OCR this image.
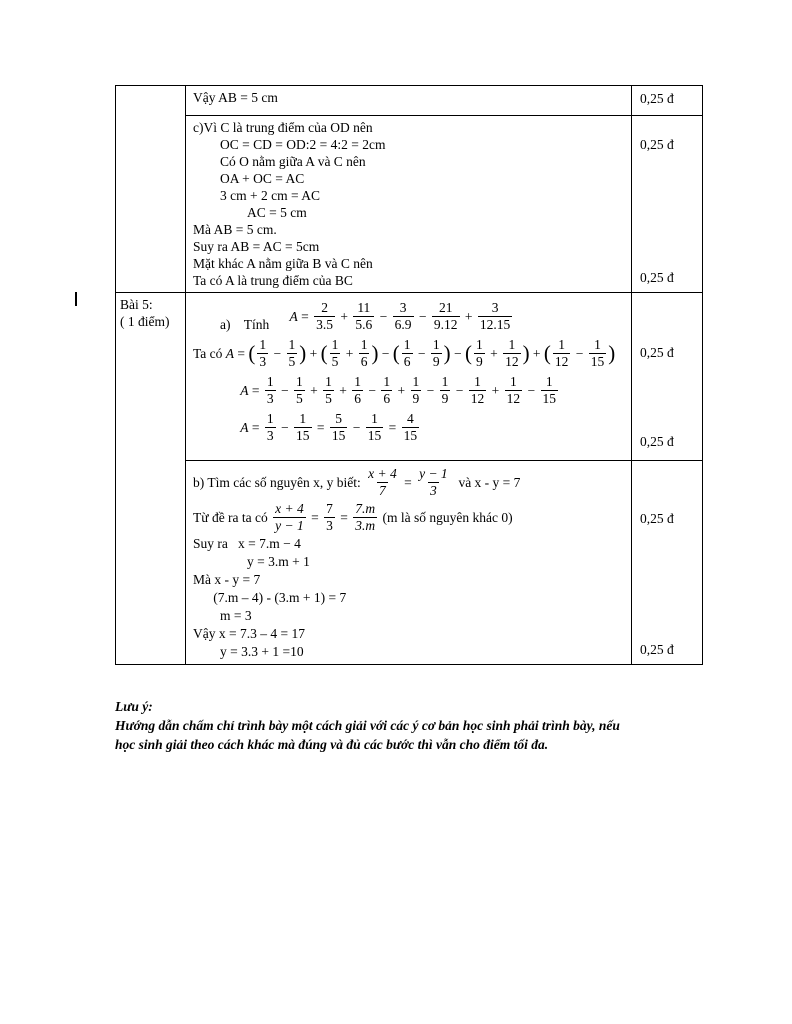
Vậy AB = 5 cm	0,25 đ
c)Vì C là trung điểm của OD nên
OC = CD = OD:2 = 4:2 = 2cm
Có O nằm giữa A và C nên
OA + OC = AC
3 cm + 2 cm = AC
AC = 5 cm
Mà AB = 5 cm.
Suy ra AB = AC = 5cm
Mặt khác A nằm giữa B và C nên
Ta có A là trung điểm của BC
0,25 đ
0,25 đ
Bài 5:
( 1 điểm)	a)    Tính
$A = \frac{2}{3.5} + \frac{11}{5.6} - \frac{3}{6.9} - \frac{21}{9.12} + \frac{3}{12.15}$
Ta có A = ( $\frac{1}{3} - \frac{1}{5}$ ) + ( $\frac{1}{5} + \frac{1}{6}$ ) − ( $\frac{1}{6} - \frac{1}{9}$ ) − ( $\frac{1}{9} + \frac{1}{12}$ ) + ( $\frac{1}{12} - \frac{1}{15}$ )
$A = \frac{1}{3} - \frac{1}{5} + \frac{1}{5} + \frac{1}{6} - \frac{1}{6} + \frac{1}{9} - \frac{1}{9} - \frac{1}{12} + \frac{1}{12} - \frac{1}{15}$
$A = \frac{1}{3} - \frac{1}{15} = \frac{5}{15} - \frac{1}{15} = \frac{4}{15}$
0,25 đ
0,25 đ
b) Tìm các số nguyên x, y biết: $\frac{x + 4}{7} = \frac{y - 1}{3}$ và x - y = 7
Từ đề ra ta có $\frac{x + 4}{y - 1} = \frac{7}{3} = \frac{7.m}{3.m} (m$ là số nguyên khác 0)
Suy ra   x = 7.m − 4
y = 3.m + 1
Mà x - y = 7
(7.m – 4) - (3.m + 1) = 7
m = 3
Vậy x = 7.3 – 4 = 17
y = 3.3 + 1 =10
0,25 đ
0,25 đ
Lưu ý:
Hướng dẫn chấm chỉ trình bày một cách giải với các ý cơ bản học sinh phải trình bày, nếu
học sinh giải theo cách khác mà đúng và đủ các bước thì vẫn cho điểm tối đa.
